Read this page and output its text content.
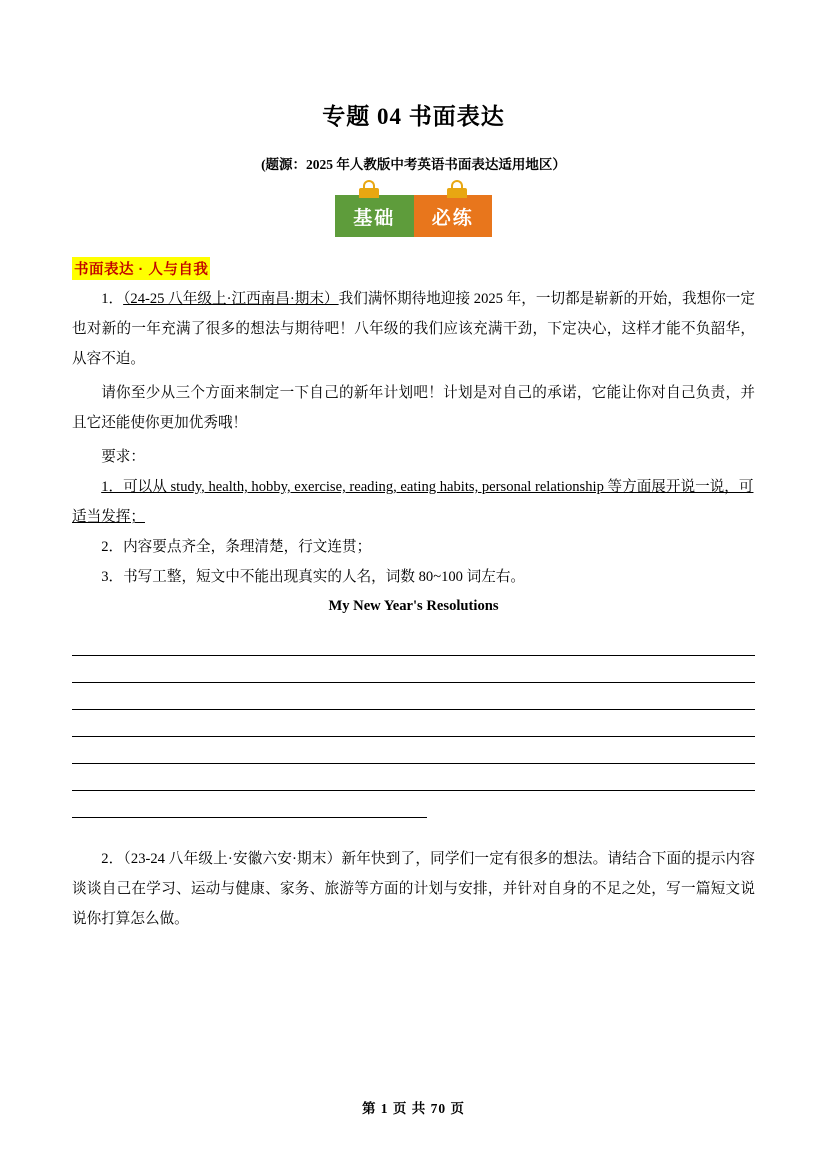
专题 04 书面表达
(题源：2025 年人教版中考英语书面表达适用地区）
基础	必练
书面表达 · 人与自我

1．（24-25 八年级上·江西南昌·期末）我们满怀期待地迎接 2025 年，一切都是崭新的开始，我想你一定也对新的一年充满了很多的想法与期待吧！八年级的我们应该充满干劲，下定决心，这样才能不负韶华，从容不迫。

请你至少从三个方面来制定一下自己的新年计划吧！计划是对自己的承诺，它能让你对自己负责，并且它还能使你更加优秀哦！

要求：

1．可以从 study, health, hobby, exercise, reading, eating habits, personal relationship 等方面展开说一说，可适当发挥；

2．内容要点齐全，条理清楚，行文连贯；

3．书写工整，短文中不能出现真实的人名，词数 80~100 词左右。

My New Year's Resolutions

2．（23-24 八年级上·安徽六安·期末）新年快到了，同学们一定有很多的想法。请结合下面的提示内容谈谈自己在学习、运动与健康、家务、旅游等方面的计划与安排，并针对自身的不足之处，写一篇短文说说你打算怎么做。

第 1 页 共 70 页
